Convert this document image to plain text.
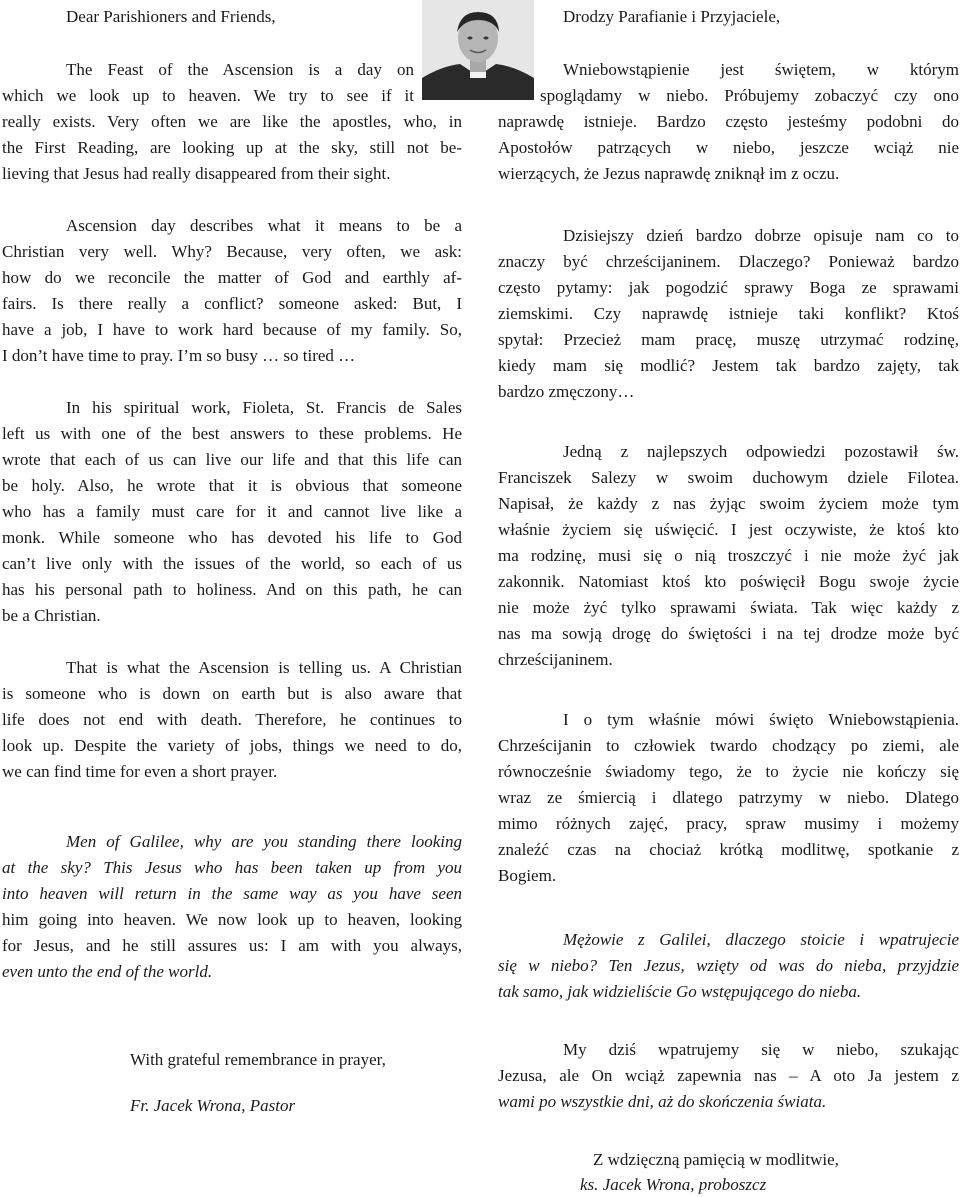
Dear Parishioners and Friends,
The Feast of the Ascension is a day on
which we look up to heaven. We try to see if it
really exists. Very often we are like the apostles, who, in
the First Reading, are looking up at the sky, still not be-
lieving that Jesus had really disappeared from their sight.
Ascension day describes what it means to be a
Christian very well. Why? Because, very often, we ask:
how do we reconcile the matter of God and earthly af-
fairs. Is there really a conflict? someone asked: But, I
have a job, I have to work hard because of my family. So,
I don’t have time to pray. I’m so busy … so tired …
In his spiritual work, Fioleta, St. Francis de Sales
left us with one of the best answers to these problems. He
wrote that each of us can live our life and that this life can
be holy. Also, he wrote that it is obvious that someone
who has a family must care for it and cannot live like a
monk. While someone who has devoted his life to God
can’t live only with the issues of the world, so each of us
has his personal path to holiness. And on this path, he can
be a Christian.
That is what the Ascension is telling us. A Christian
is someone who is down on earth but is also aware that
life does not end with death. Therefore, he continues to
look up. Despite the variety of jobs, things we need to do,
we can find time for even a short prayer.
Men of Galilee, why are you standing there looking
at the sky? This Jesus who has been taken up from you
into heaven will return in the same way as you have seen
him going into heaven. We now look up to heaven, looking
for Jesus, and he still assures us: I am with you always,
even unto the end of the world.
With grateful remembrance in prayer,
Fr. Jacek Wrona, Pastor
Drodzy Parafianie i Przyjaciele,
Wniebowstąpienie jest świętem, w którym
spoglądamy w niebo. Próbujemy zobaczyć czy ono
naprawdę istnieje. Bardzo często jesteśmy podobni do
Apostołów patrzących w niebo, jeszcze wciąż nie
wierzących, że Jezus naprawdę zniknął im z oczu.
Dzisiejszy dzień bardzo dobrze opisuje nam co to
znaczy być chrześcijaninem. Dlaczego? Ponieważ bardzo
często pytamy: jak pogodzić sprawy Boga ze sprawami
ziemskimi. Czy naprawdę istnieje taki konflikt? Ktoś
spytał: Przecież mam pracę, muszę utrzymać rodzinę,
kiedy mam się modlić? Jestem tak bardzo zajęty, tak
bardzo zmęczony…
Jedną z najlepszych odpowiedzi pozostawił św.
Franciszek Salezy w swoim duchowym dziele Filotea.
Napisał, że każdy z nas żyjąc swoim życiem może tym
właśnie życiem się uświęcić. I jest oczywiste, że ktoś kto
ma rodzinę, musi się o nią troszczyć i nie może żyć jak
zakonnik. Natomiast ktoś kto poświęcił Bogu swoje życie
nie może żyć tylko sprawami świata. Tak więc każdy z
nas ma sowją drogę do świętości i na tej drodze może być
chrześcijaninem.
I o tym właśnie mówi święto Wniebowstąpienia.
Chrześcijanin to człowiek twardo chodzący po ziemi, ale
równocześnie świadomy tego, że to życie nie kończy się
wraz ze śmiercią i dlatego patrzymy w niebo. Dlatego
mimo różnych zajęć, pracy, spraw musimy i możemy
znaleźć czas na chociaż krótką modlitwę, spotkanie z
Bogiem.
Mężowie z Galilei, dlaczego stoicie i wpatrujecie
się w niebo? Ten Jezus, wzięty od was do nieba, przyjdzie
tak samo, jak widzieliście Go wstępującego do nieba.
My dziś wpatrujemy się w niebo, szukając
Jezusa, ale On wciąż zapewnia nas – A oto Ja jestem z
wami po wszystkie dni, aż do skończenia świata.
Z wdzięczną pamięcią w modlitwie,
ks. Jacek Wrona, proboszcz
